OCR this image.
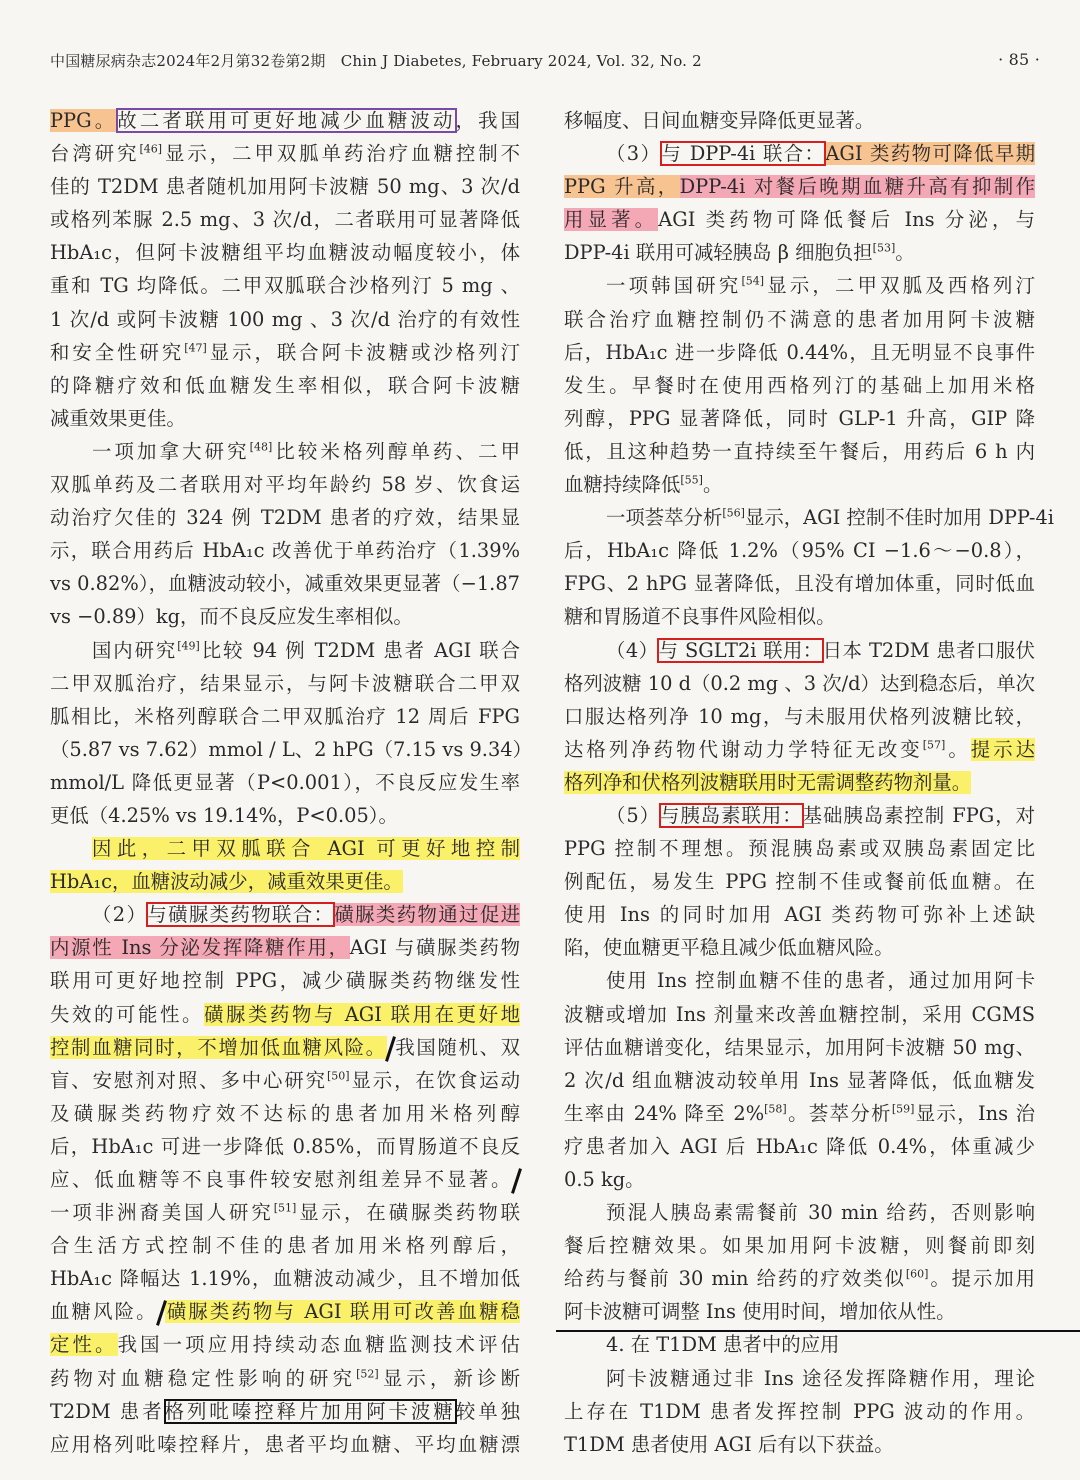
中国糖尿病杂志2024年2月第32卷第2期　Chin J Diabetes, February 2024, Vol. 32, No. 2	· 85 ·

PPG。故二者联用可更好地减少血糖波动，我国

台湾研究[46]显示，二甲双胍单药治疗血糖控制不

佳的 T2DM 患者随机加用阿卡波糖 50 mg、3 次/d

或格列苯脲 2.5 mg、3 次/d，二者联用可显著降低

HbA₁c，但阿卡波糖组平均血糖波动幅度较小，体

重和 TG 均降低。二甲双胍联合沙格列汀 5 mg 、

1 次/d 或阿卡波糖 100 mg 、3 次/d 治疗的有效性

和安全性研究[47]显示，联合阿卡波糖或沙格列汀

的降糖疗效和低血糖发生率相似，联合阿卡波糖

减重效果更佳。

一项加拿大研究[48]比较米格列醇单药、二甲

双胍单药及二者联用对平均年龄约 58 岁、饮食运

动治疗欠佳的 324 例 T2DM 患者的疗效，结果显

示，联合用药后 HbA₁c 改善优于单药治疗（1.39%

vs 0.82%），血糖波动较小，减重效果更显著（−1.87

vs −0.89）kg，而不良反应发生率相似。

国内研究[49]比较 94 例 T2DM 患者 AGI 联合

二甲双胍治疗，结果显示，与阿卡波糖联合二甲双

胍相比，米格列醇联合二甲双胍治疗 12 周后 FPG

（5.87 vs 7.62）mmol / L、2 hPG（7.15 vs 9.34）

mmol/L 降低更显著（P<0.001），不良反应发生率

更低（4.25% vs 19.14%，P<0.05）。

因此，二甲双胍联合 AGI 可更好地控制

HbA₁c，血糖波动减少，减重效果更佳。

（2）与磺脲类药物联合：磺脲类药物通过促进

内源性 Ins 分泌发挥降糖作用，AGI 与磺脲类药物

联用可更好地控制 PPG，减少磺脲类药物继发性

失效的可能性。磺脲类药物与 AGI 联用在更好地

控制血糖同时，不增加低血糖风险。 我国随机、双

盲、安慰剂对照、多中心研究[50]显示，在饮食运动

及磺脲类药物疗效不达标的患者加用米格列醇

后，HbA₁c 可进一步降低 0.85%，而胃肠道不良反

应、低血糖等不良事件较安慰剂组差异不显著。

一项非洲裔美国人研究[51]显示，在磺脲类药物联

合生活方式控制不佳的患者加用米格列醇后，

HbA₁c 降幅达 1.19%，血糖波动减少，且不增加低

血糖风险。 磺脲类药物与 AGI 联用可改善血糖稳

定性。我国一项应用持续动态血糖监测技术评估

药物对血糖稳定性影响的研究[52]显示，新诊断

T2DM 患者格列吡嗪控释片加用阿卡波糖较单独

应用格列吡嗪控释片，患者平均血糖、平均血糖漂

移幅度、日间血糖变异降低更显著。

（3）与 DPP-4i 联合：AGI 类药物可降低早期

PPG 升高，DPP-4i 对餐后晚期血糖升高有抑制作

用显著。AGI 类药物可降低餐后 Ins 分泌，与

DPP-4i 联用可减轻胰岛 β 细胞负担[53]。

一项韩国研究[54]显示，二甲双胍及西格列汀

联合治疗血糖控制仍不满意的患者加用阿卡波糖

后，HbA₁c 进一步降低 0.44%，且无明显不良事件

发生。早餐时在使用西格列汀的基础上加用米格

列醇，PPG 显著降低，同时 GLP-1 升高，GIP 降

低，且这种趋势一直持续至午餐后，用药后 6 h 内

血糖持续降低[55]。

一项荟萃分析[56]显示，AGI 控制不佳时加用 DPP-4i

后，HbA₁c 降低 1.2%（95% CI −1.6～−0.8），

FPG、2 hPG 显著降低，且没有增加体重，同时低血

糖和胃肠道不良事件风险相似。

（4）与 SGLT2i 联用：日本 T2DM 患者口服伏

格列波糖 10 d（0.2 mg 、3 次/d）达到稳态后，单次

口服达格列净 10 mg，与未服用伏格列波糖比较，

达格列净药物代谢动力学特征无改变[57]。提示达

格列净和伏格列波糖联用时无需调整药物剂量。

（5）与胰岛素联用：基础胰岛素控制 FPG，对

PPG 控制不理想。预混胰岛素或双胰岛素固定比

例配伍，易发生 PPG 控制不佳或餐前低血糖。在

使用 Ins 的同时加用 AGI 类药物可弥补上述缺

陷，使血糖更平稳且减少低血糖风险。

使用 Ins 控制血糖不佳的患者，通过加用阿卡

波糖或增加 Ins 剂量来改善血糖控制，采用 CGMS

评估血糖谱变化，结果显示，加用阿卡波糖 50 mg、

2 次/d 组血糖波动较单用 Ins 显著降低，低血糖发

生率由 24% 降至 2%[58]。荟萃分析[59]显示，Ins 治

疗患者加入 AGI 后 HbA₁c 降低 0.4%，体重减少

0.5 kg。

预混人胰岛素需餐前 30 min 给药，否则影响

餐后控糖效果。如果加用阿卡波糖，则餐前即刻

给药与餐前 30 min 给药的疗效类似[60]。提示加用

阿卡波糖可调整 Ins 使用时间，增加依从性。

4. 在 T1DM 患者中的应用

阿卡波糖通过非 Ins 途径发挥降糖作用，理论

上存在 T1DM 患者发挥控制 PPG 波动的作用。

T1DM 患者使用 AGI 后有以下获益。
